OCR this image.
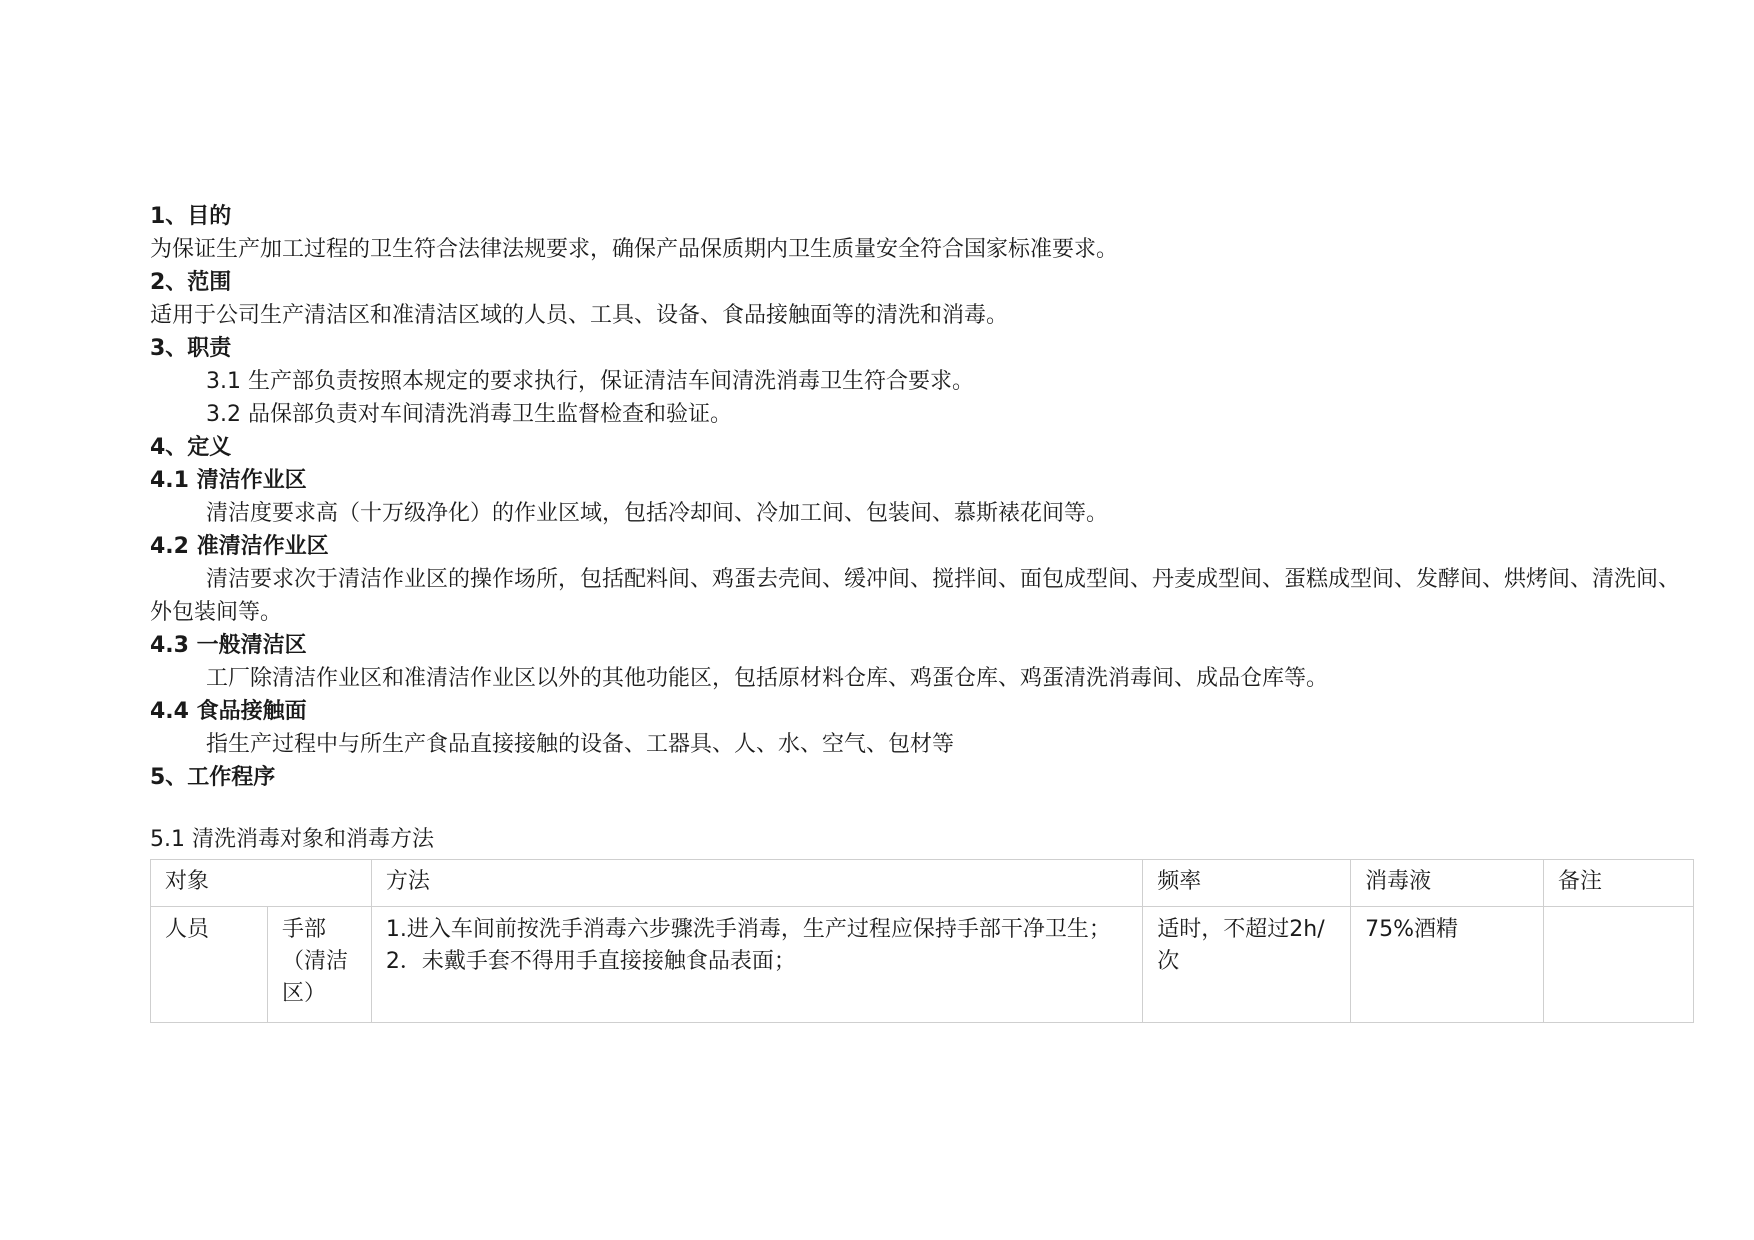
1、目的
为保证生产加工过程的卫生符合法律法规要求，确保产品保质期内卫生质量安全符合国家标准要求。
2、范围
适用于公司生产清洁区和准清洁区域的人员、工具、设备、食品接触面等的清洗和消毒。
3、职责
3.1 生产部负责按照本规定的要求执行，保证清洁车间清洗消毒卫生符合要求。
3.2 品保部负责对车间清洗消毒卫生监督检查和验证。
4、定义
4.1 清洁作业区
清洁度要求高（十万级净化）的作业区域，包括冷却间、冷加工间、包装间、慕斯裱花间等。
4.2 准清洁作业区
清洁要求次于清洁作业区的操作场所，包括配料间、鸡蛋去壳间、缓冲间、搅拌间、面包成型间、丹麦成型间、蛋糕成型间、发酵间、烘烤间、清洗间、外包装间等。
4.3 一般清洁区
工厂除清洁作业区和准清洁作业区以外的其他功能区，包括原材料仓库、鸡蛋仓库、鸡蛋清洗消毒间、成品仓库等。
4.4 食品接触面
指生产过程中与所生产食品直接接触的设备、工器具、人、水、空气、包材等
5、工作程序
5.1 清洗消毒对象和消毒方法
对象		方法	频率	消毒液	备注
人员	手部（清洁区）	1.进入车间前按洗手消毒六步骤洗手消毒，生产过程应保持手部干净卫生；
2．未戴手套不得用手直接接触食品表面；	适时，不超过2h/次	75%酒精	
